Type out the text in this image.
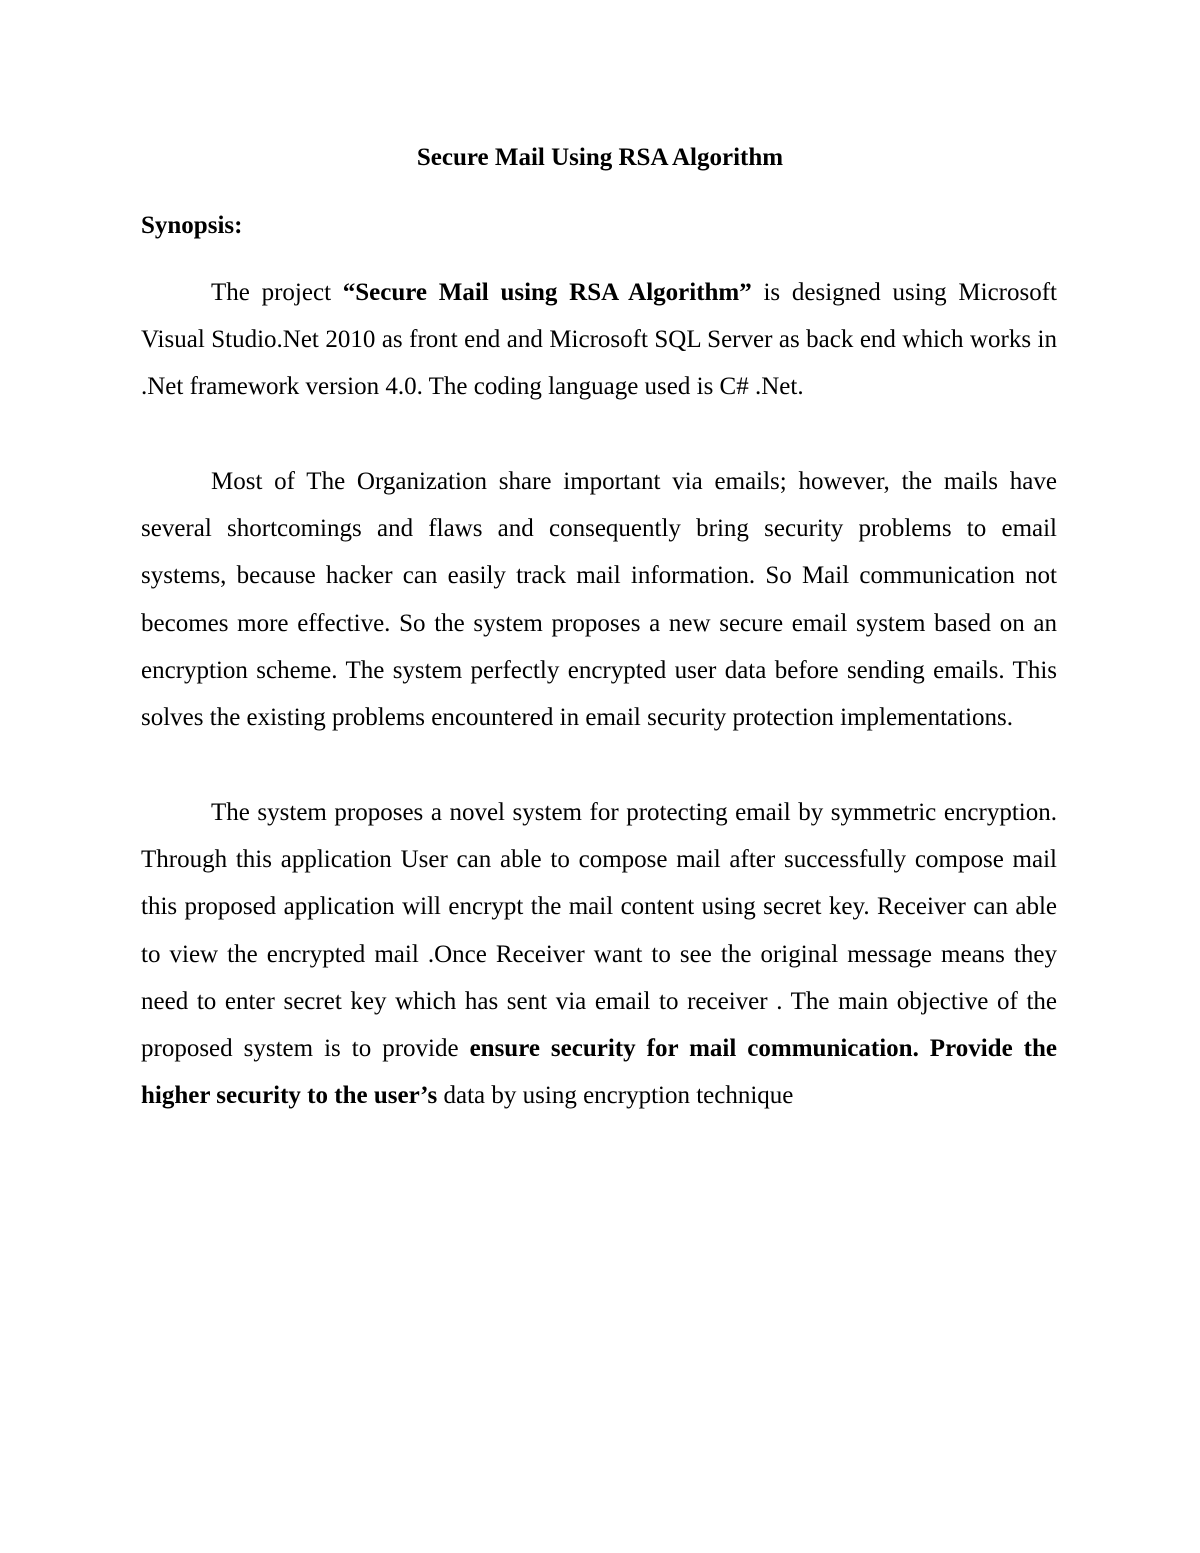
Secure Mail Using RSA Algorithm
Synopsis:

The project “Secure Mail using RSA Algorithm” is designed using Microsoft Visual Studio.Net 2010 as front end and Microsoft SQL Server as back end which works in .Net framework version 4.0. The coding language used is C# .Net.

Most of The Organization share important via emails; however, the mails have several shortcomings and flaws and consequently bring security problems to email systems, because hacker can easily track mail information. So Mail communication not becomes more effective. So the system proposes a new secure email system based on an encryption scheme. The system perfectly encrypted user data before sending emails. This solves the existing problems encountered in email security protection implementations.

The system proposes a novel system for protecting email by symmetric encryption. Through this application User can able to compose mail after successfully compose mail this proposed application will encrypt the mail content using secret key. Receiver can able to view the encrypted mail .Once Receiver want to see the original message means they need to enter secret key which has sent via email to receiver . The main objective of the proposed system is to provide ensure security for mail communication. Provide the higher security to the user’s data by using encryption technique
